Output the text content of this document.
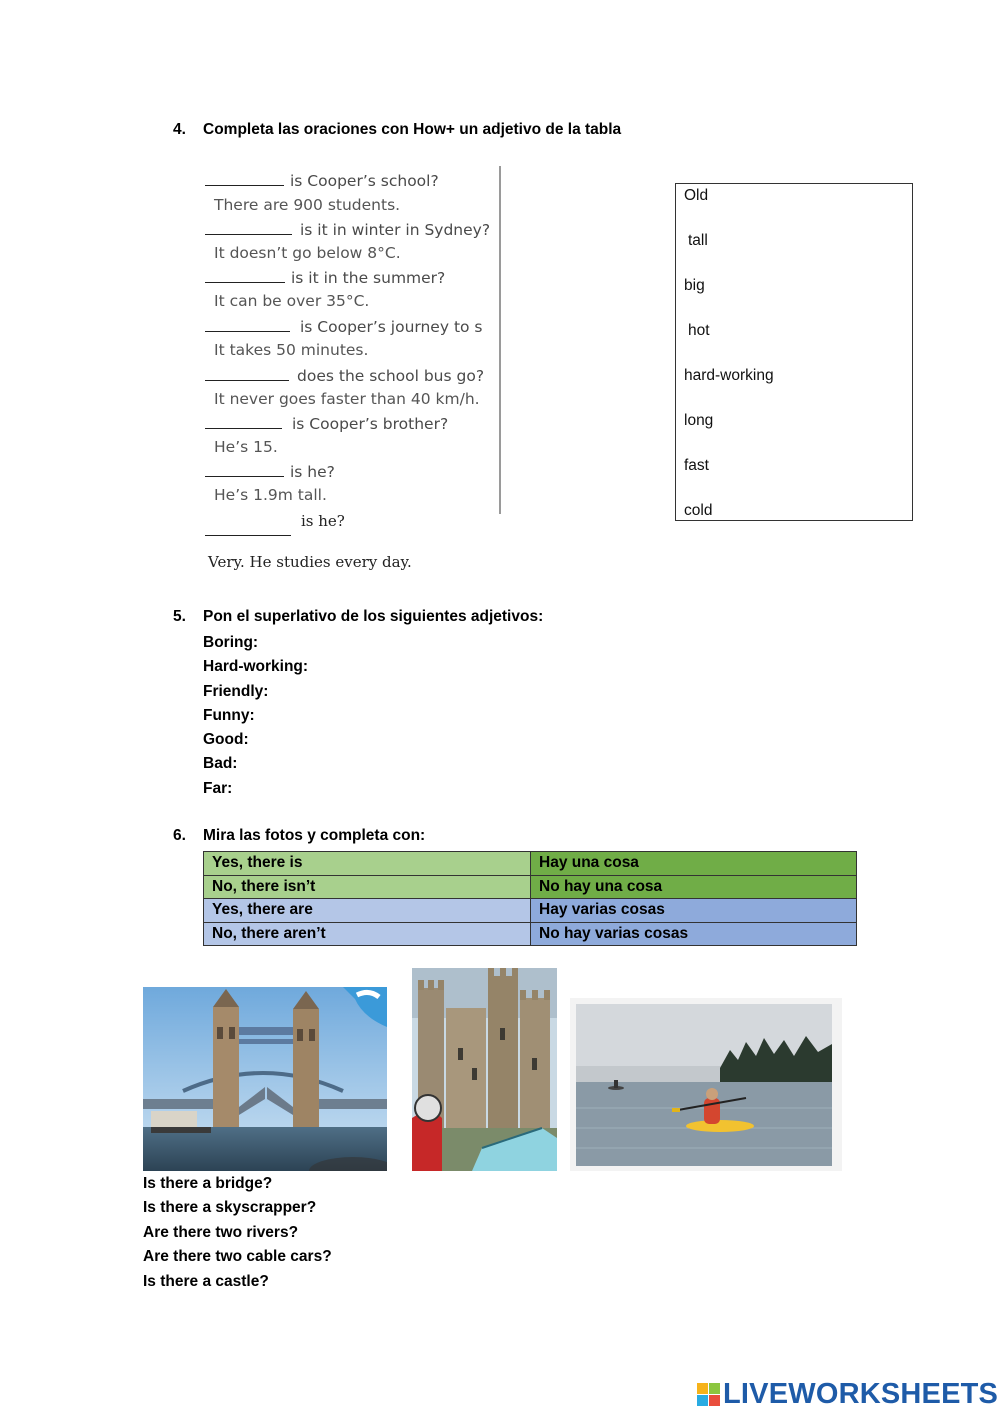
4. Completa las oraciones con How+ un adjetivo de la tabla
is Cooper’s school?
There are 900 students.
is it in winter in Sydney?
It doesn’t go below 8°C.
is it in the summer?
It can be over 35°C.
is Cooper’s journey to s
It takes 50 minutes.
does the school bus go?
It never goes faster than 40 km/h.
is Cooper’s brother?
He’s 15.
is he?
He’s 1.9m tall.
is he?
Very. He studies every day.
Old
tall
big
hot
hard-working
long
fast
cold
5. Pon el superlativo de los siguientes adjetivos:
Boring:
Hard-working:
Friendly:
Funny:
Good:
Bad:
Far:
6. Mira las fotos y completa con:
Yes, there is	Hay una cosa
No, there isn’t	No hay una cosa
Yes, there are	Hay varias cosas
No, there aren’t	No hay varias cosas
Is there a bridge?
Is there a skyscrapper?
Are there two rivers?
Are there two cable cars?
Is there a castle?
LIVEWORKSHEETS
